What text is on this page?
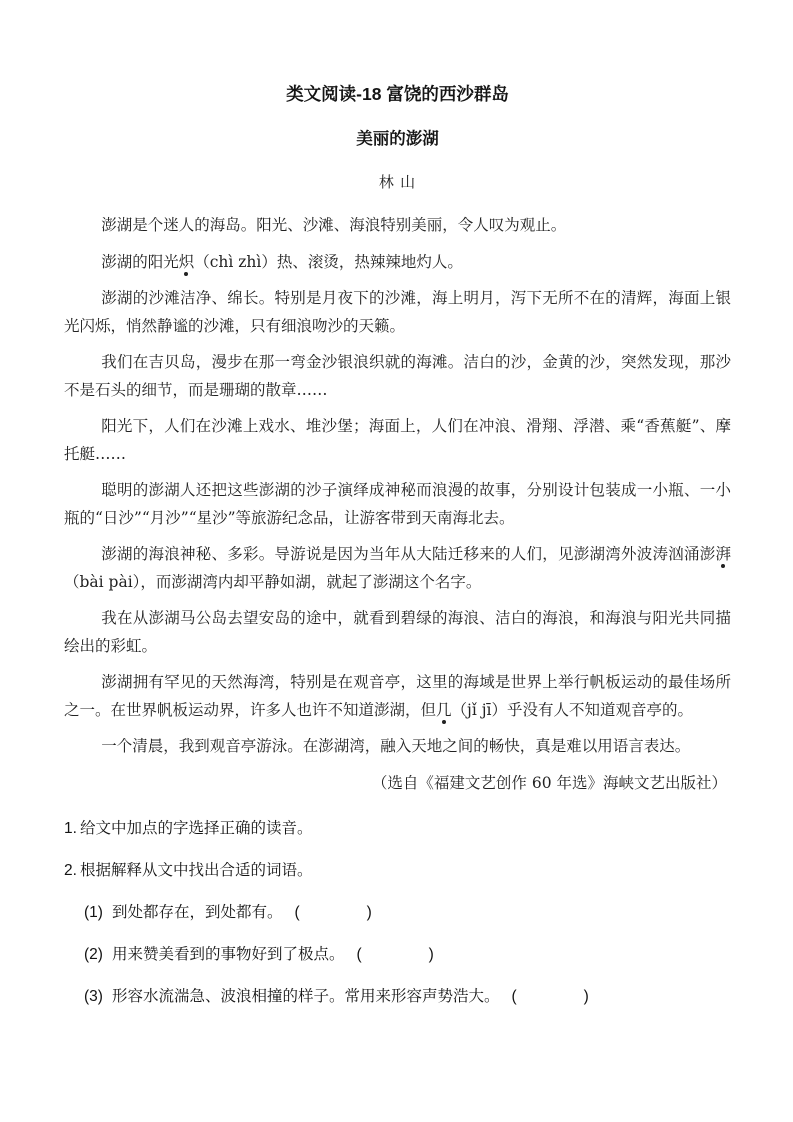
类文阅读-18 富饶的西沙群岛
美丽的澎湖
林 山

澎湖是个迷人的海岛。阳光、沙滩、海浪特别美丽，令人叹为观止。

澎湖的阳光炽（chì zhì）热、滚烫，热辣辣地灼人。

澎湖的沙滩洁净、绵长。特别是月夜下的沙滩，海上明月，泻下无所不在的清辉，海面上银光闪烁，悄然静谧的沙滩，只有细浪吻沙的天籁。

我们在吉贝岛，漫步在那一弯金沙银浪织就的海滩。洁白的沙，金黄的沙，突然发现，那沙不是石头的细节，而是珊瑚的散章……

阳光下，人们在沙滩上戏水、堆沙堡；海面上，人们在冲浪、滑翔、浮潜、乘“香蕉艇”、摩托艇……

聪明的澎湖人还把这些澎湖的沙子演绎成神秘而浪漫的故事，分别设计包装成一小瓶、一小瓶的“日沙”“月沙”“星沙”等旅游纪念品，让游客带到天南海北去。

澎湖的海浪神秘、多彩。导游说是因为当年从大陆迁移来的人们，见澎湖湾外波涛汹涌澎湃（bài pài），而澎湖湾内却平静如湖，就起了澎湖这个名字。

我在从澎湖马公岛去望安岛的途中，就看到碧绿的海浪、洁白的海浪，和海浪与阳光共同描绘出的彩虹。

澎湖拥有罕见的天然海湾，特别是在观音亭，这里的海域是世界上举行帆板运动的最佳场所之一。在世界帆板运动界，许多人也许不知道澎湖，但几（jǐ jī）乎没有人不知道观音亭的。

一个清晨，我到观音亭游泳。在澎湖湾，融入天地之间的畅快，真是难以用语言表达。

（选自《福建文艺创作 60 年选》海峡文艺出版社）
1. 给文中加点的字选择正确的读音。
2. 根据解释从文中找出合适的词语。
(1) 到处都存在，到处都有。 (　　　　)
(2) 用来赞美看到的事物好到了极点。 (　　　　)
(3) 形容水流湍急、波浪相撞的样子。常用来形容声势浩大。 (　　　　)
